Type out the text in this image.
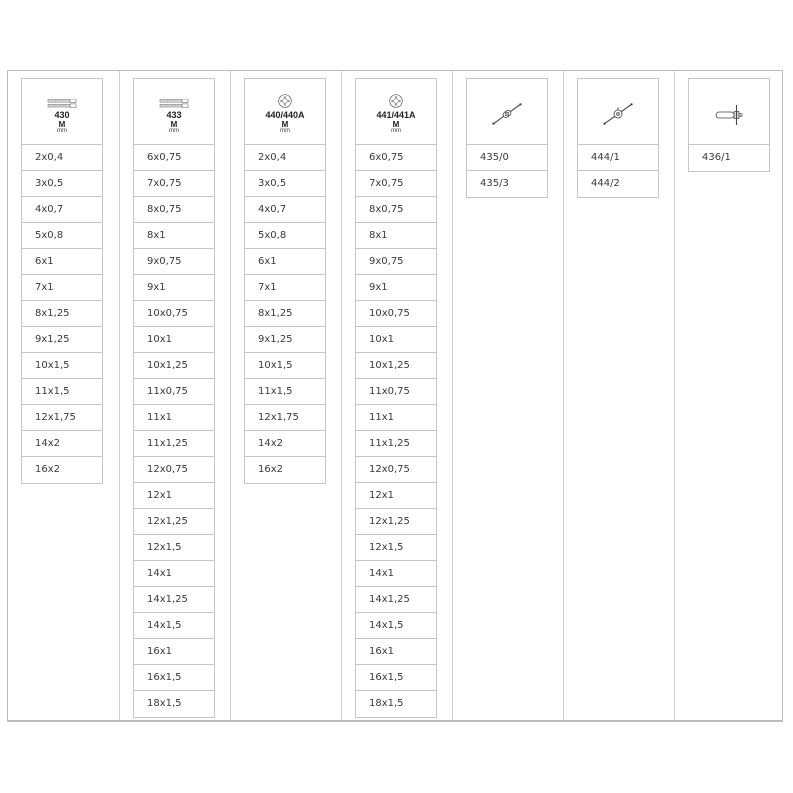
430
M
mm
2x0,4
3x0,5
4x0,7
5x0,8
6x1
7x1
8x1,25
9x1,25
10x1,5
11x1,5
12x1,75
14x2
16x2
433
M
mm
6x0,75
7x0,75
8x0,75
8x1
9x0,75
9x1
10x0,75
10x1
10x1,25
11x0,75
11x1
11x1,25
12x0,75
12x1
12x1,25
12x1,5
14x1
14x1,25
14x1,5
16x1
16x1,5
18x1,5
440/440A
M
mm
2x0,4
3x0,5
4x0,7
5x0,8
6x1
7x1
8x1,25
9x1,25
10x1,5
11x1,5
12x1,75
14x2
16x2
441/441A
M
mm
6x0,75
7x0,75
8x0,75
8x1
9x0,75
9x1
10x0,75
10x1
10x1,25
11x0,75
11x1
11x1,25
12x0,75
12x1
12x1,25
12x1,5
14x1
14x1,25
14x1,5
16x1
16x1,5
18x1,5
435/0
435/3
444/1
444/2
436/1
